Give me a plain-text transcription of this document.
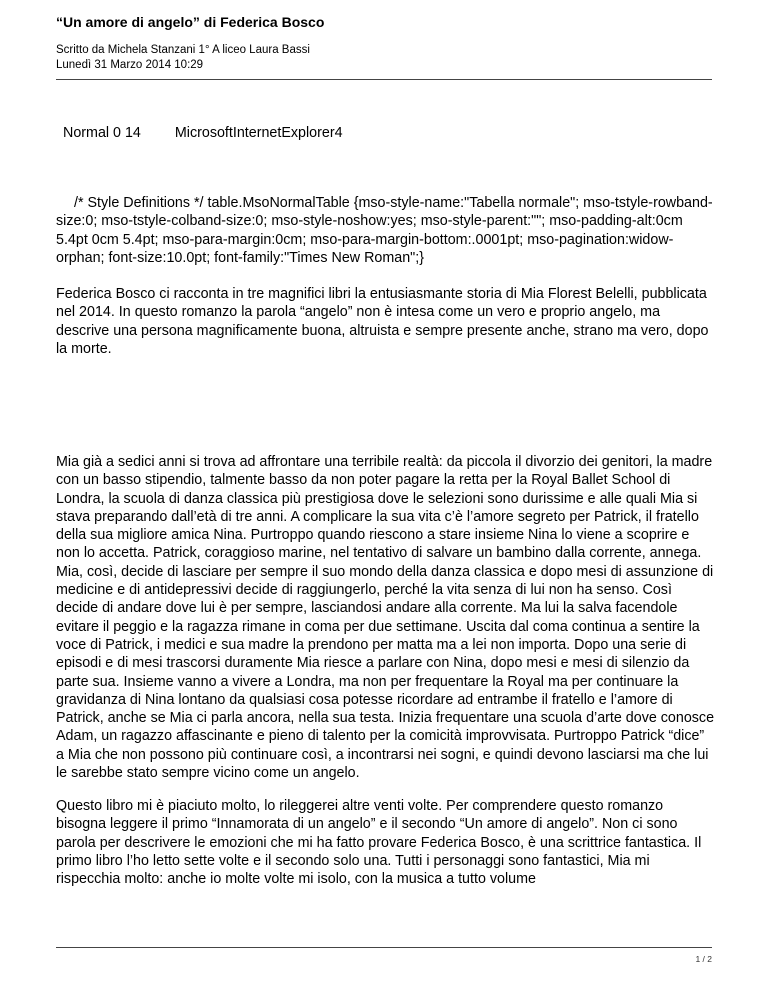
“Un amore di angelo” di Federica Bosco
Scritto da Michela Stanzani 1° A liceo Laura Bassi
Lunedì 31 Marzo 2014 10:29
Normal 0 14 MicrosoftInternetExplorer4
/* Style Definitions */ table.MsoNormalTable {mso-style-name:"Tabella normale"; mso-tstyle-rowband-size:0; mso-tstyle-colband-size:0; mso-style-noshow:yes; mso-style-parent:""; mso-padding-alt:0cm 5.4pt 0cm 5.4pt; mso-para-margin:0cm; mso-para-margin-bottom:.0001pt; mso-pagination:widow-orphan; font-size:10.0pt; font-family:"Times New Roman";}

Federica Bosco ci racconta in tre magnifici libri la entusiasmante storia di Mia Florest Belelli, pubblicata nel 2014. In questo romanzo la parola “angelo” non è intesa come un vero e proprio angelo, ma descrive una persona magnificamente buona, altruista e sempre presente anche, strano ma vero, dopo la morte.

Mia già a sedici anni si trova ad affrontare una terribile realtà: da piccola il divorzio dei genitori, la madre con un basso stipendio, talmente basso da non poter pagare la retta per la Royal Ballet School di Londra, la scuola di danza classica più prestigiosa dove le selezioni sono durissime e alle quali Mia si stava preparando dall’età di tre anni. A complicare la sua vita c’è l’amore segreto per Patrick, il fratello della sua migliore amica Nina. Purtroppo quando riescono a stare insieme Nina lo viene a scoprire e non lo accetta. Patrick, coraggioso marine, nel tentativo di salvare un bambino dalla corrente, annega. Mia, così, decide di lasciare per sempre il suo mondo della danza classica e dopo mesi di assunzione di medicine e di antidepressivi decide di raggiungerlo, perché la vita senza di lui non ha senso. Così decide di andare dove lui è per sempre, lasciandosi andare alla corrente. Ma lui la salva facendole evitare il peggio e la ragazza rimane in coma per due settimane. Uscita dal coma continua a sentire la voce di Patrick, i medici e sua madre la prendono per matta ma a lei non importa. Dopo una serie di episodi e di mesi trascorsi duramente Mia riesce a parlare con Nina, dopo mesi e mesi di silenzio da parte sua. Insieme vanno a vivere a Londra, ma non per frequentare la Royal ma per continuare la gravidanza di Nina lontano da qualsiasi cosa potesse ricordare ad entrambe il fratello e l’amore di Patrick, anche se Mia ci parla ancora, nella sua testa. Inizia frequentare una scuola d’arte dove conosce Adam, un ragazzo affascinante e pieno di talento per la comicità improvvisata. Purtroppo Patrick “dice” a Mia che non possono più continuare così, a incontrarsi nei sogni, e quindi devono lasciarsi ma che lui le sarebbe stato sempre vicino come un angelo.

Questo libro mi è piaciuto molto, lo rileggerei altre venti volte. Per comprendere questo romanzo bisogna leggere il primo “Innamorata di un angelo” e il secondo “Un amore di angelo”. Non ci sono parola per descrivere le emozioni che mi ha fatto provare Federica Bosco, è una scrittrice fantastica. Il primo libro l’ho letto sette volte e il secondo solo una. Tutti i personaggi sono fantastici, Mia mi rispecchia molto: anche io molte volte mi isolo, con la musica a tutto volume

1 / 2
